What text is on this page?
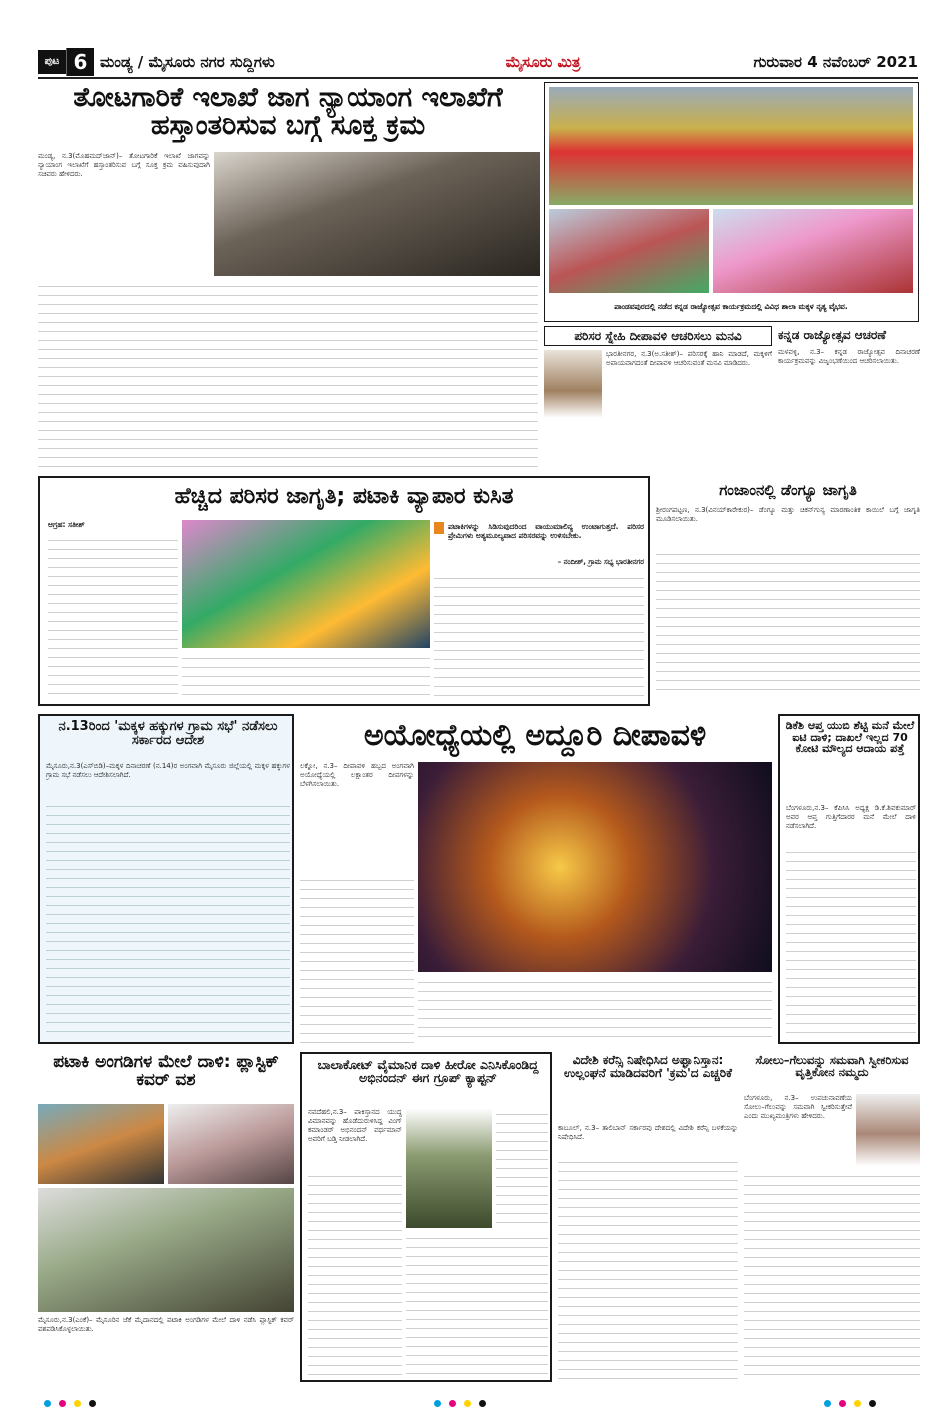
ಪುಟ 6 ಮಂಡ್ಯ / ಮೈಸೂರು ನಗರ ಸುದ್ದಿಗಳು	ಮೈಸೂರು ಮಿತ್ರ	ಗುರುವಾರ 4 ನವೆಂಬರ್ 2021
ತೋಟಗಾರಿಕೆ ಇಲಾಖೆ ಜಾಗ ನ್ಯಾಯಾಂಗ ಇಲಾಖೆಗೆ ಹಸ್ತಾಂತರಿಸುವ ಬಗ್ಗೆ ಸೂಕ್ತ ಕ್ರಮ
ಮಂಡ್ಯ, ನ.3(ಮೊಹಮದ್‌ಜಾನ್)– ತೋಟಗಾರಿಕೆ ಇಲಾಖೆ ಜಾಗವನ್ನು ನ್ಯಾಯಾಂಗ ಇಲಾಖೆಗೆ ಹಸ್ತಾಂತರಿಸುವ ಬಗ್ಗೆ ಸೂಕ್ತ ಕ್ರಮ ವಹಿಸುವುದಾಗಿ ಸಚಿವರು ಹೇಳಿದರು.
ಪಾಂಡವಪುರದಲ್ಲಿ ನಡೆದ ಕನ್ನಡ ರಾಜ್ಯೋತ್ಸವ ಕಾರ್ಯಕ್ರಮದಲ್ಲಿ ವಿವಿಧ ಶಾಲಾ ಮಕ್ಕಳ ನೃತ್ಯ ವೈಭವ.
ಪರಿಸರ ಸ್ನೇಹಿ ದೀಪಾವಳಿ ಆಚರಿಸಲು ಮನವಿ
ಭಾರತೀನಗರ, ನ.3(ಅ.ಸತೀಶ್)– ಪರಿಸರಕ್ಕೆ ಹಾನಿ ಮಾಡದೆ, ಮಕ್ಕಳಿಗೆ ಅಪಾಯವಾಗದಂತೆ ದೀಪಾವಳಿ ಆಚರಿಸುವಂತೆ ಮನವಿ ಮಾಡಿದರು.
ಕನ್ನಡ ರಾಜ್ಯೋತ್ಸವ ಆಚರಣೆ
ಮಳವಳ್ಳಿ, ನ.3– ಕನ್ನಡ ರಾಜ್ಯೋತ್ಸವ ದಿನಾಚರಣೆ ಕಾರ್ಯಕ್ರಮವನ್ನು ವಿಜೃಂಭಣೆಯಿಂದ ಆಚರಿಸಲಾಯಿತು.
ಹೆಚ್ಚಿದ ಪರಿಸರ ಜಾಗೃತಿ; ಪಟಾಕಿ ವ್ಯಾಪಾರ ಕುಸಿತ
ಆಗ್ರಹ: ಸತೀಶ್	ಪಟಾಕಿಗಳನ್ನು ಸಿಡಿಸುವುದರಿಂದ ವಾಯುಮಾಲಿನ್ಯ ಉಂಟಾಗುತ್ತದೆ. ಪರಿಸರ ಪ್ರೇಮಿಗಳು ಅತ್ಯಮೂಲ್ಯವಾದ ಪರಿಸರವನ್ನು ಉಳಿಸಬೇಕು.
– ನಂದೀಶ್, ಗ್ರಾಮ ಸಭ್ಯ ಭಾರತೀನಗರ
ಗಂಜಾಂನಲ್ಲಿ ಡೆಂಗ್ಯೂ ಜಾಗೃತಿ
ಶ್ರೀರಂಗಪಟ್ಟಣ, ನ.3(ವಿನಯ್‌ಕಾರೇಕುರ)– ಡೆಂಗ್ಯೂ ಮತ್ತು ಚಿಕನ್‌ಗುನ್ಯ ಮಾರಣಾಂತಿಕ ಕಾಯಿಲೆ ಬಗ್ಗೆ ಜಾಗೃತಿ ಮೂಡಿಸಲಾಯಿತು.
ನ.13ರಿಂದ 'ಮಕ್ಕಳ ಹಕ್ಕುಗಳ ಗ್ರಾಮ ಸಭೆ' ನಡೆಸಲು ಸರ್ಕಾರದ ಆದೇಶ
ಮೈಸೂರು,ನ.3(ಎಸ್‌ಬಿಡಿ)–ಮಕ್ಕಳ ದಿನಾಚರಣೆ (ನ.14)ರ ಅಂಗವಾಗಿ ಮೈಸೂರು ಜಿಲ್ಲೆಯಲ್ಲಿ ಮಕ್ಕಳ ಹಕ್ಕುಗಳ ಗ್ರಾಮ ಸಭೆ ನಡೆಸಲು ಆದೇಶಿಸಲಾಗಿದೆ.
ಅಯೋಧ್ಯೆಯಲ್ಲಿ ಅದ್ದೂರಿ ದೀಪಾವಳಿ
ಲಕ್ನೋ, ನ.3– ದೀಪಾವಳಿ ಹಬ್ಬದ ಅಂಗವಾಗಿ ಅಯೋಧ್ಯೆಯಲ್ಲಿ ಲಕ್ಷಾಂತರ ದೀಪಗಳನ್ನು ಬೆಳಗಿಸಲಾಯಿತು.
ಡಿಕೆಶಿ ಆಪ್ತ ಯುಬಿ ಶೆಟ್ಟಿ ಮನೆ ಮೇಲೆ ಐಟಿ ದಾಳಿ; ದಾಖಲೆ ಇಲ್ಲದ 70 ಕೋಟಿ ಮೌಲ್ಯದ ಆದಾಯ ಪತ್ತೆ
ಬೆಂಗಳೂರು,ನ.3– ಕೆಪಿಸಿಸಿ ಅಧ್ಯಕ್ಷ ಡಿ.ಕೆ.ಶಿವಕುಮಾರ್ ಅವರ ಆಪ್ತ ಗುತ್ತಿಗೆದಾರರ ಮನೆ ಮೇಲೆ ದಾಳಿ ನಡೆಸಲಾಗಿದೆ.
ಪಟಾಕಿ ಅಂಗಡಿಗಳ ಮೇಲೆ ದಾಳಿ: ಪ್ಲಾಸ್ಟಿಕ್ ಕವರ್ ವಶ
ಮೈಸೂರು,ನ.3(ಎಂಕೆ)– ಮೈಸೂರಿನ ಜೆಕೆ ಮೈದಾನದಲ್ಲಿ ಪಟಾಕಿ ಅಂಗಡಿಗಳ ಮೇಲೆ ದಾಳಿ ನಡೆಸಿ ಪ್ಲಾಸ್ಟಿಕ್ ಕವರ್ ವಶಪಡಿಸಿಕೊಳ್ಳಲಾಯಿತು.
ಬಾಲಾಕೋಟ್ ವೈಮಾನಿಕ ದಾಳಿ ಹೀರೋ ಎನಿಸಿಕೊಂಡಿದ್ದ ಅಭಿನಂದನ್ ಈಗ ಗ್ರೂಪ್ ಕ್ಯಾಪ್ಟನ್
ನವದೆಹಲಿ,ನ.3– ಪಾಕಿಸ್ತಾನದ ಯುದ್ಧ ವಿಮಾನವನ್ನು ಹೊಡೆದುರುಳಿಸಿದ್ದ ವಿಂಗ್ ಕಮಾಂಡರ್ ಅಭಿನಂದನ್ ವರ್ಧಮಾನ್ ಅವರಿಗೆ ಬಡ್ತಿ ನೀಡಲಾಗಿದೆ.
ವಿದೇಶಿ ಕರೆನ್ಸಿ ನಿಷೇಧಿಸಿದ ಅಫ್ಘಾನಿಸ್ತಾನ: ಉಲ್ಲಂಘನೆ ಮಾಡಿದವರಿಗೆ 'ಕ್ರಮ'ದ ಎಚ್ಚರಿಕೆ
ಕಾಬೂಲ್, ನ.3– ತಾಲಿಬಾನ್ ಸರ್ಕಾರವು ದೇಶದಲ್ಲಿ ವಿದೇಶಿ ಕರೆನ್ಸಿ ಬಳಕೆಯನ್ನು ನಿಷೇಧಿಸಿದೆ.
ಸೋಲು–ಗೆಲುವನ್ನು ಸಮವಾಗಿ ಸ್ವೀಕರಿಸುವ ವೃತ್ತಿಕೋನ ನಮ್ಮದು
ಬೆಂಗಳೂರು, ನ.3– ಉಪಚುನಾವಣೆಯ ಸೋಲು–ಗೆಲುವನ್ನು ಸಮವಾಗಿ ಸ್ವೀಕರಿಸುತ್ತೇವೆ ಎಂದು ಮುಖ್ಯಮಂತ್ರಿಗಳು ಹೇಳಿದರು.
